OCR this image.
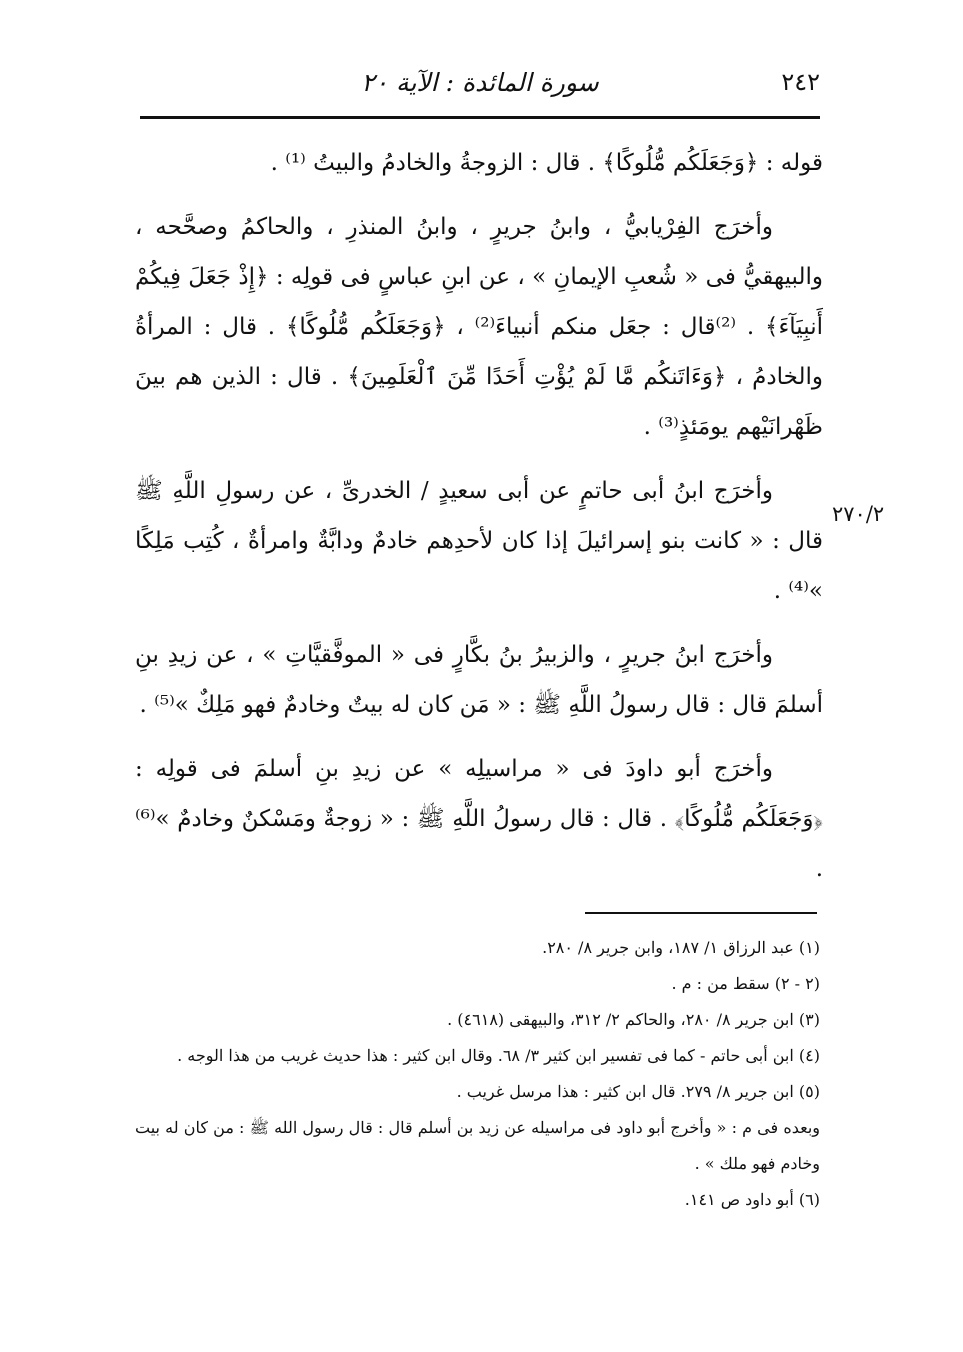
٢٤٢
سورة المائدة : الآية ٢٠

قوله : ﴿وَجَعَلَكُم مُّلُوكًا﴾ . قال : الزوجةُ والخادمُ والبيتُ ⁽¹⁾ .

وأخرَج الفِرْيابيُّ ، وابنُ جريرٍ ، وابنُ المنذرِ ، والحاكمُ وصحَّحه ، والبيهقيُّ فى « شُعبِ الإيمانِ » ، عن ابنِ عباسٍ فى قولِه : ﴿إِذْ جَعَلَ فِيكُمْ أَنبِيَآءَ﴾ . ⁽²⁾قال : جعَل منكم أنبياءَ⁽²⁾ ، ﴿وَجَعَلَكُم مُّلُوكًا﴾ . قال : المرأةُ والخادمُ ، ﴿وَءَاتَنكُم مَّا لَمْ يُؤْتِ أَحَدًا مِّنَ ٱلْعَلَمِينَ﴾ . قال : الذين هم بينَ ظَهْرانَيْهم يومَئذٍ⁽³⁾ .

وأخرَج ابنُ أبى حاتمٍ عن أبى سعيدٍ / الخدرىِّ ، عن رسولِ اللَّهِ ﷺ قال : « كانت بنو إسرائيلَ إذا كان لأحدِهم خادمٌ ودابَّةٌ وامرأةٌ ، كُتِب مَلِكًا »⁽⁴⁾ .

وأخرَج ابنُ جريرٍ ، والزبيرُ بنُ بكَّارٍ فى « الموفَّقيَّاتِ » ، عن زيدِ بنِ أسلمَ قال : قال رسولُ اللَّهِ ﷺ : « مَن كان له بيتٌ وخادمٌ فهو مَلِكٌ »⁽⁵⁾ .

وأخرَج أبو داودَ فى « مراسيلِه » عن زيدِ بنِ أسلمَ فى قولِه : ﴿وَجَعَلَكُم مُّلُوكًا﴾ . قال : قال رسولُ اللَّهِ ﷺ : « زوجةٌ ومَسْكنٌ وخادمٌ »⁽⁶⁾ .

٢٧٠/٢

(١) عبد الرزاق ١/ ١٨٧، وابن جرير ٨/ ٢٨٠.

(٢ - ٢) سقط من : م .

(٣) ابن جرير ٨/ ٢٨٠، والحاكم ٢/ ٣١٢، والبيهقى (٤٦١٨) .

(٤) ابن أبى حاتم - كما فى تفسير ابن كثير ٣/ ٦٨. وقال ابن كثير : هذا حديث غريب من هذا الوجه .

(٥) ابن جرير ٨/ ٢٧٩. قال ابن كثير : هذا مرسل غريب .

وبعده فى م : « وأخرج أبو داود فى مراسيله عن زيد بن أسلم قال : قال رسول الله ﷺ : من كان له بيت وخادم فهو ملك » .

(٦) أبو داود ص ١٤١.
